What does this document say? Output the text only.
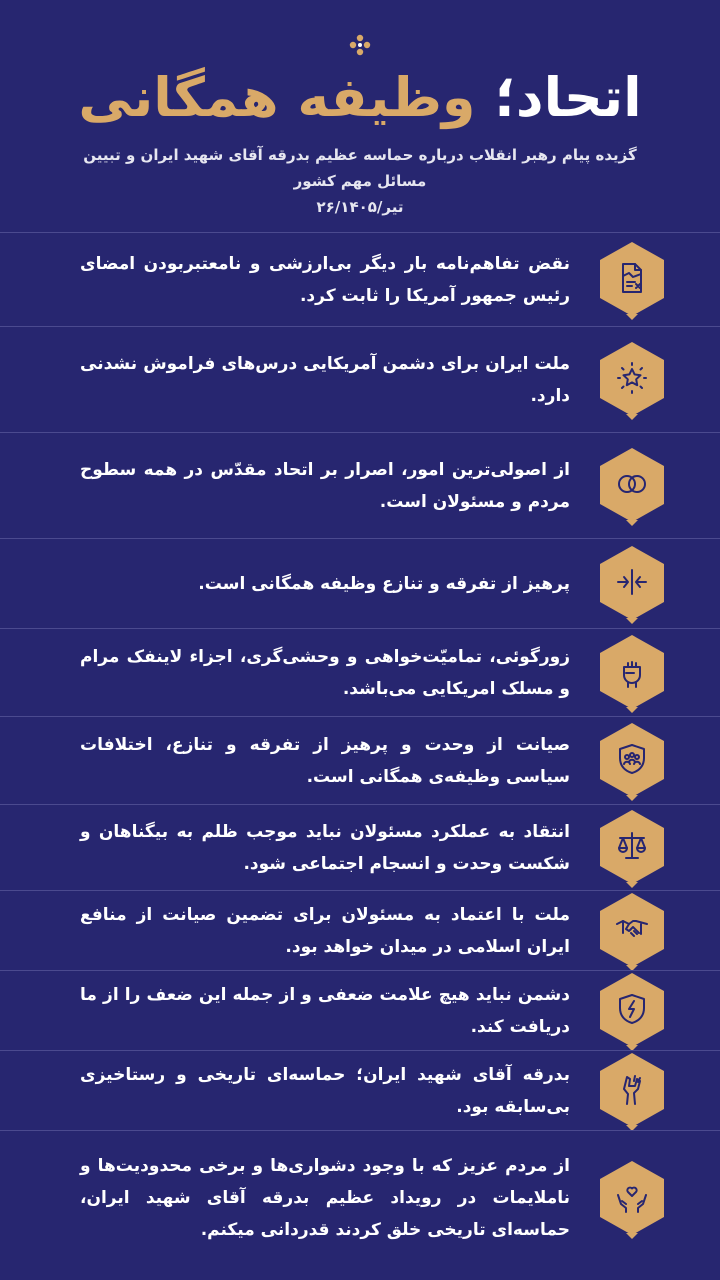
اتحاد؛ وظیفه همگانی
گزیده پیام رهبر انقلاب درباره حماسه عظیم بدرقه آقای شهید ایران و تبیین مسائل مهم کشور
۲۶/تیر/۱۴۰۵
نقض تفاهم‌نامه بار دیگر بی‌ارزشی و نامعتبربودن امضای رئیس جمهور آمریکا را ثابت کرد.
ملت ایران برای دشمن آمریکایی درس‌های فراموش نشدنی دارد.
از اصولی‌ترین امور، اصرار بر اتحاد مقدّس در همه سطوح مردم و مسئولان است.
پرهیز از تفرقه و تنازع وظیفه همگانی است.
زورگوئی، تمامیّت‌خواهی و وحشی‌گری، اجزاء لاینفک مرام و مسلک امریکایی می‌باشد.
صیانت از وحدت و پرهیز از تفرقه و تنازع، اختلافات سیاسی وظیفه‌ی همگانی است.
انتقاد به عملکرد مسئولان نباید موجب ظلم به بیگناهان و شکست وحدت و انسجام اجتماعی شود.
ملت با اعتماد به مسئولان برای تضمین صیانت از منافع ایران اسلامی در میدان خواهد بود.
دشمن نباید هیچ علامت ضعفی و از جمله این ضعف را از ما دریافت کند.
بدرقه آقای شهید ایران؛ حماسه‌ای تاریخی و رستاخیزی بی‌سابقه بود.
از مردم عزیز که با وجود دشواری‌ها و برخی محدودیت‌ها و ناملایمات در رویداد عظیم بدرقه آقای شهید ایران، حماسه‌ای تاریخی خلق کردند قدردانی میکنم.
